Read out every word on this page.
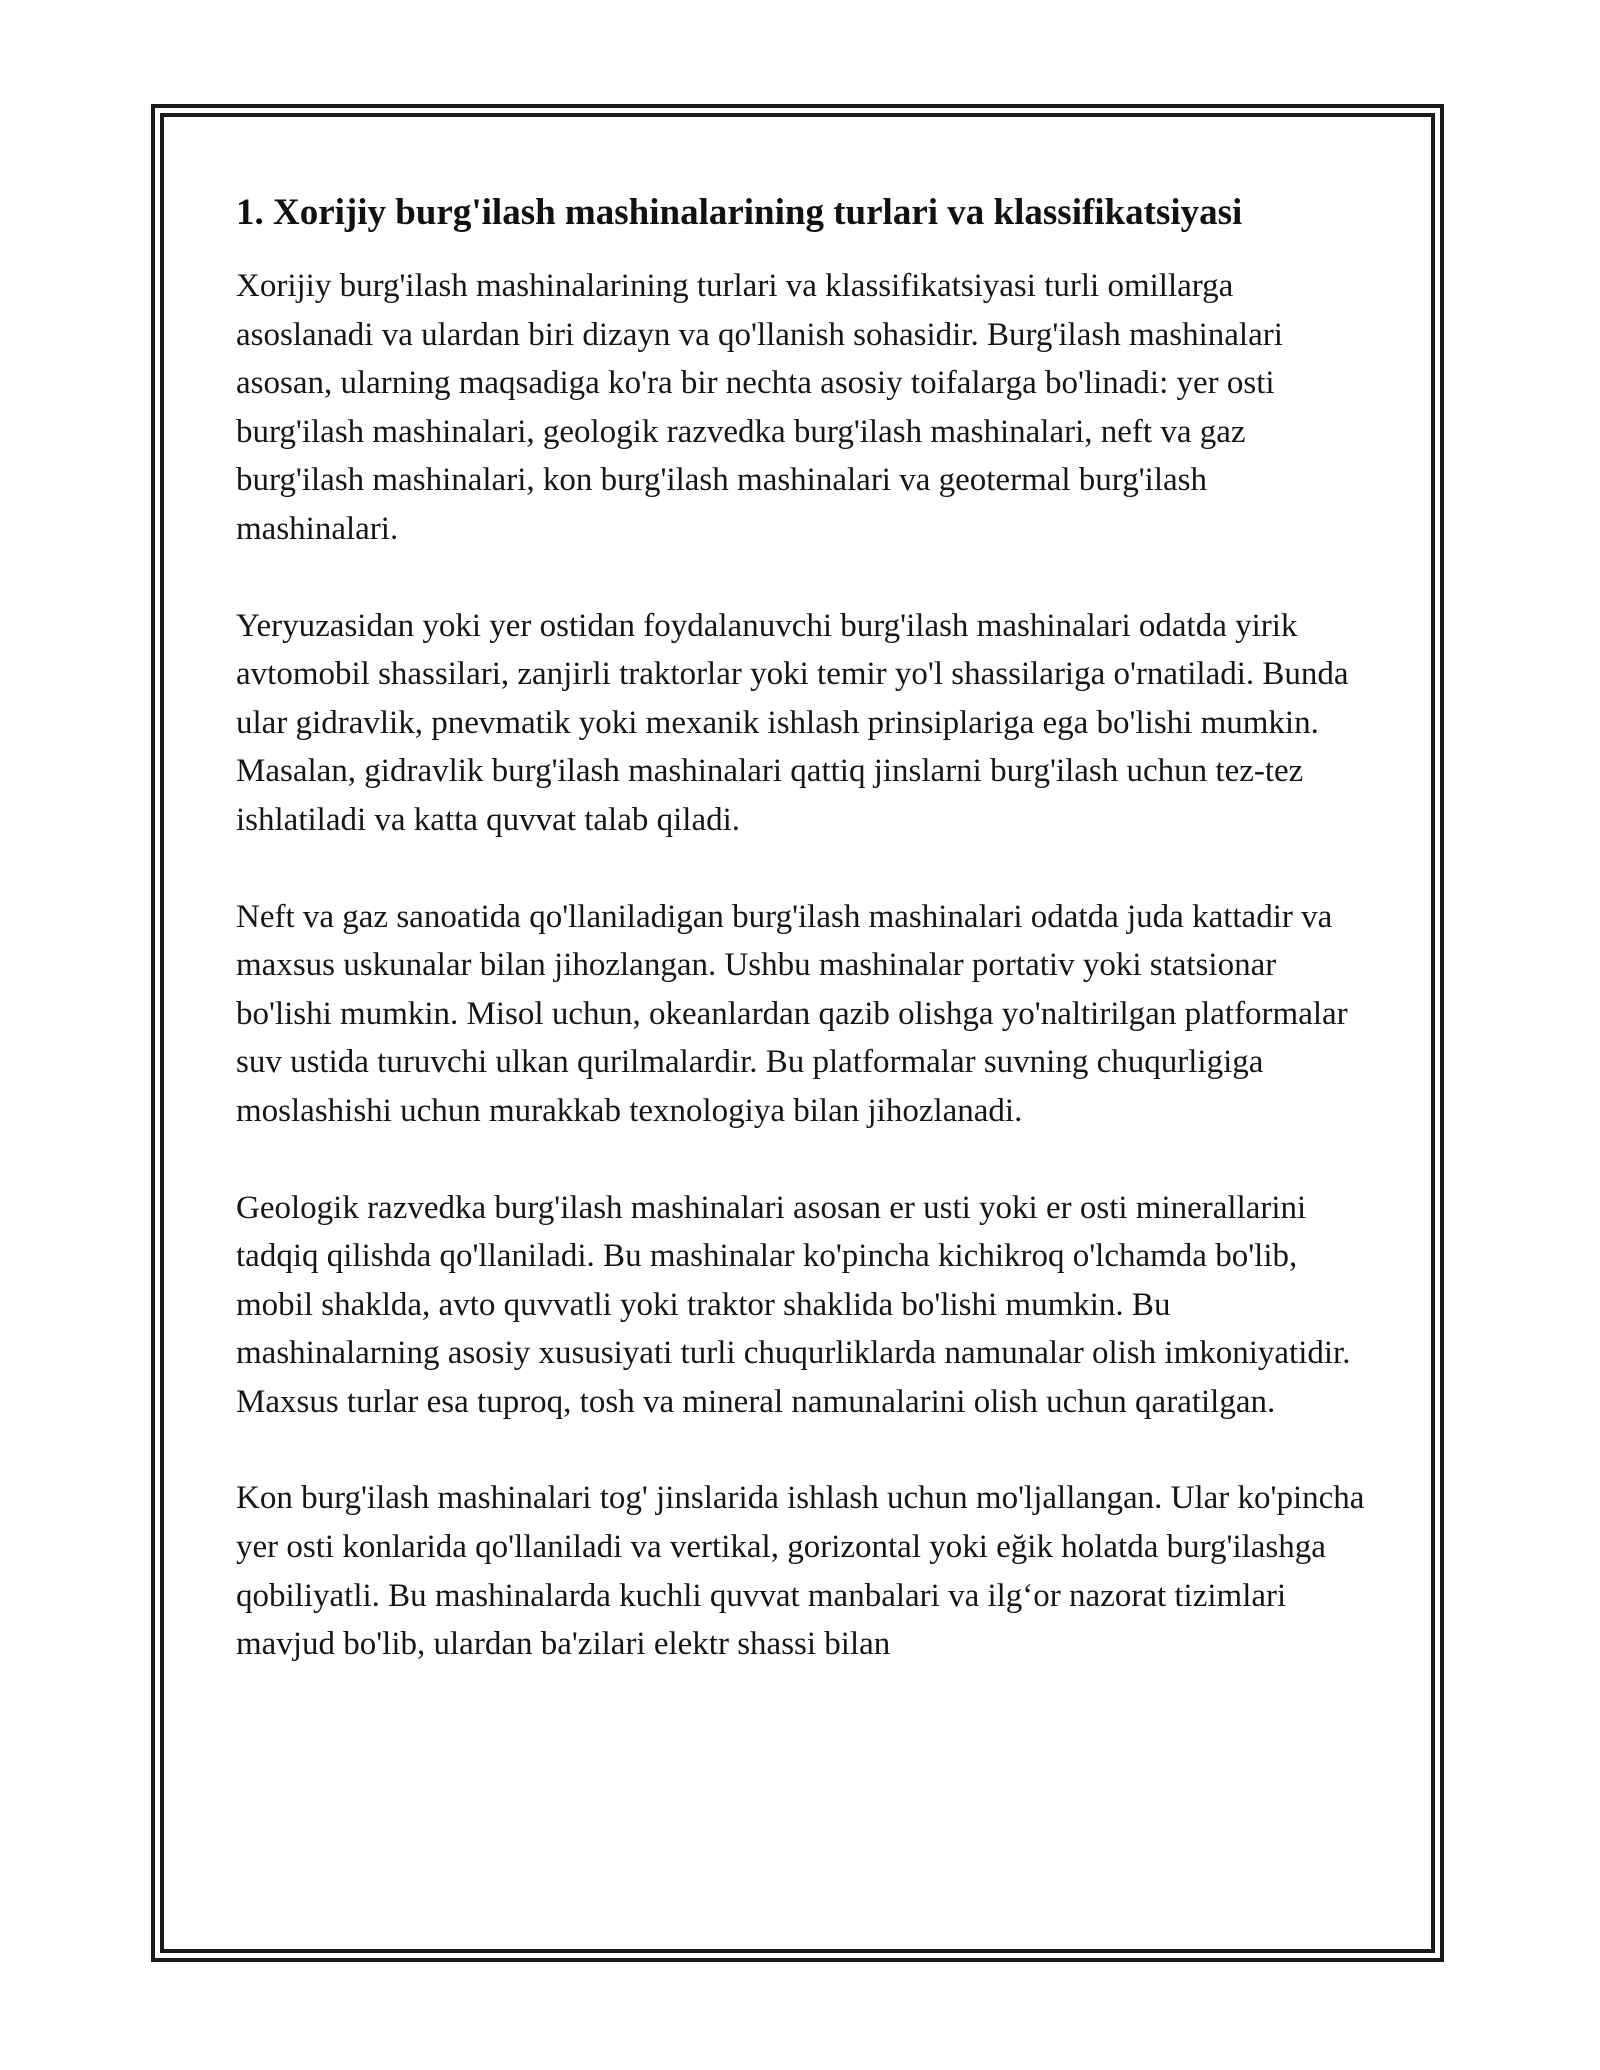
1. Xorijiy burg'ilash mashinalarining turlari va klassifikatsiyasi

Xorijiy burg'ilash mashinalarining turlari va klassifikatsiyasi turli omillarga asoslanadi va ulardan biri dizayn va qo'llanish sohasidir. Burg'ilash mashinalari asosan, ularning maqsadiga ko'ra bir nechta asosiy toifalarga bo'linadi: yer osti burg'ilash mashinalari, geologik razvedka burg'ilash mashinalari, neft va gaz burg'ilash mashinalari, kon burg'ilash mashinalari va geotermal burg'ilash mashinalari.

Yeryuzasidan yoki yer ostidan foydalanuvchi burg'ilash mashinalari odatda yirik avtomobil shassilari, zanjirli traktorlar yoki temir yo'l shassilariga o'rnatiladi. Bunda ular gidravlik, pnevmatik yoki mexanik ishlash prinsiplariga ega bo'lishi mumkin. Masalan, gidravlik burg'ilash mashinalari qattiq jinslarni burg'ilash uchun tez-tez ishlatiladi va katta quvvat talab qiladi.

Neft va gaz sanoatida qo'llaniladigan burg'ilash mashinalari odatda juda kattadir va maxsus uskunalar bilan jihozlangan. Ushbu mashinalar portativ yoki statsionar bo'lishi mumkin. Misol uchun, okeanlardan qazib olishga yo'naltirilgan platformalar suv ustida turuvchi ulkan qurilmalardir. Bu platformalar suvning chuqurligiga moslashishi uchun murakkab texnologiya bilan jihozlanadi.

Geologik razvedka burg'ilash mashinalari asosan er usti yoki er osti minerallarini tadqiq qilishda qo'llaniladi. Bu mashinalar ko'pincha kichikroq o'lchamda bo'lib, mobil shaklda, avto quvvatli yoki traktor shaklida bo'lishi mumkin. Bu mashinalarning asosiy xususiyati turli chuqurliklarda namunalar olish imkoniyatidir. Maxsus turlar esa tuproq, tosh va mineral namunalarini olish uchun qaratilgan.

Kon burg'ilash mashinalari tog' jinslarida ishlash uchun mo'ljallangan. Ular ko'pincha yer osti konlarida qo'llaniladi va vertikal, gorizontal yoki eğik holatda burg'ilashga qobiliyatli. Bu mashinalarda kuchli quvvat manbalari va ilg‘or nazorat tizimlari mavjud bo'lib, ulardan ba'zilari elektr shassi bilan
